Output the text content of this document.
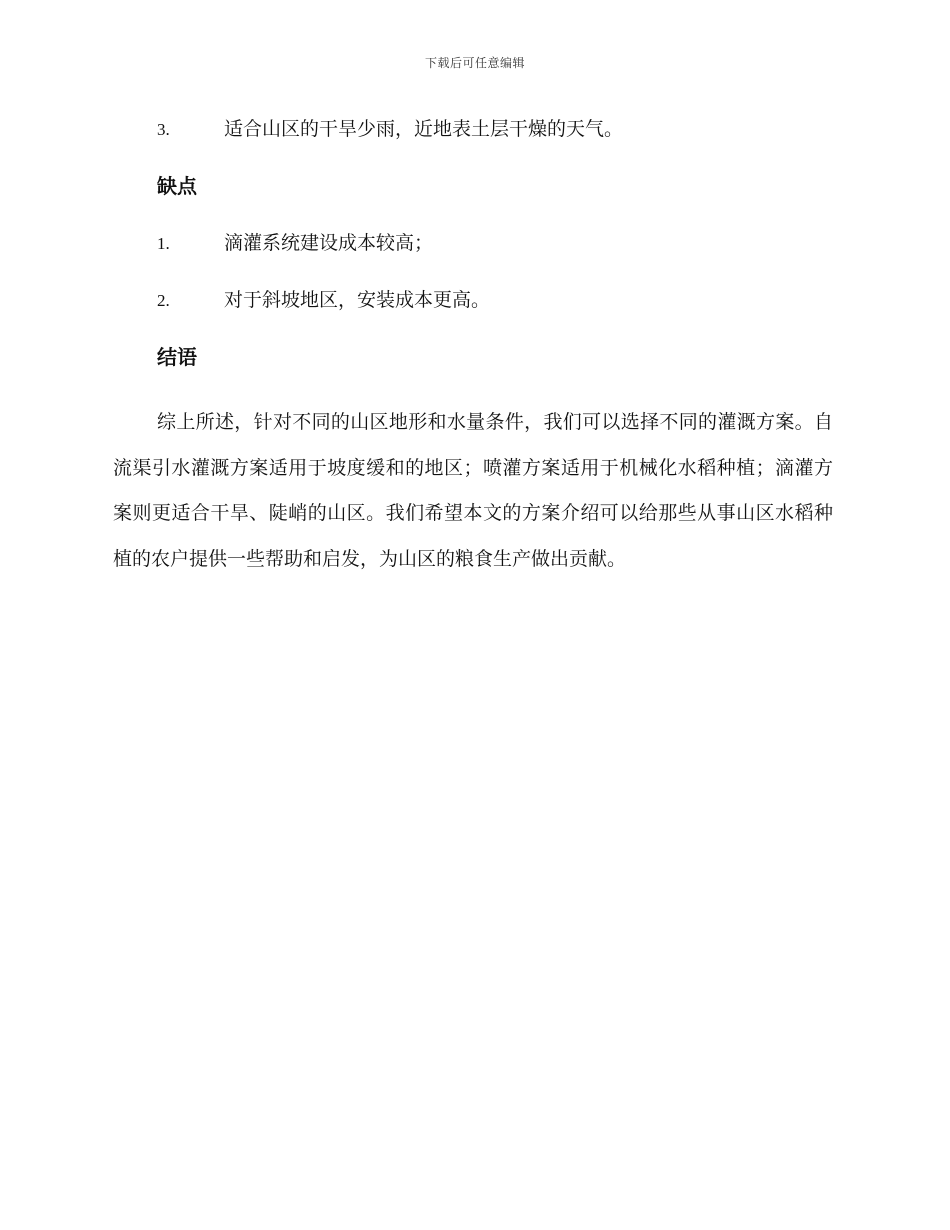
下载后可任意编辑
3.	适合山区的干旱少雨，近地表土层干燥的天气。
缺点
1.	滴灌系统建设成本较高；
2.	对于斜坡地区，安装成本更高。
结语
综上所述，针对不同的山区地形和水量条件，我们可以选择不同的灌溉方案。自流渠引水灌溉方案适用于坡度缓和的地区；喷灌方案适用于机械化水稻种植；滴灌方案则更适合干旱、陡峭的山区。我们希望本文的方案介绍可以给那些从事山区水稻种植的农户提供一些帮助和启发，为山区的粮食生产做出贡献。
